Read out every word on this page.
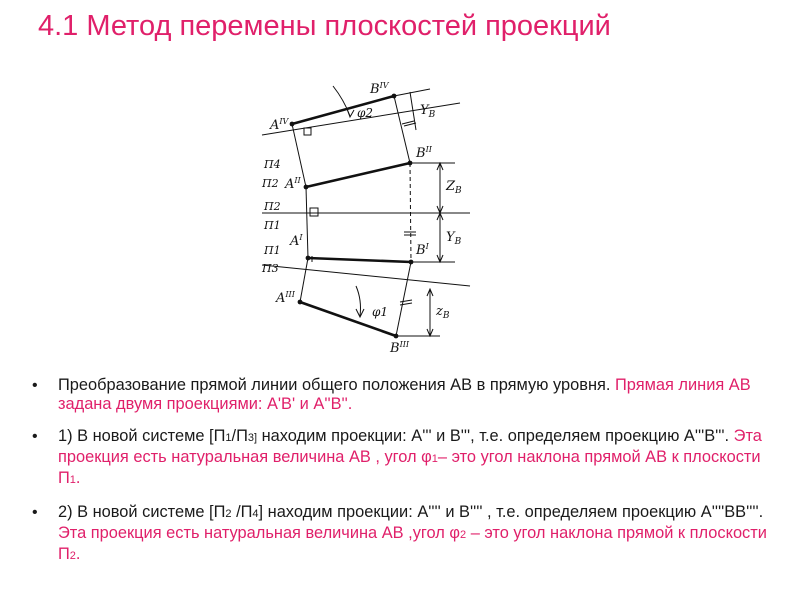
4.1 Метод перемены плоскостей проекций
$A^{IV}$
$B^{IV}$
φ2	$Y_B$
Π4
Π2 $A^{II}$
$B^{II}$
$Z_B$
Π2
Π1
$A^I$
$B^I$
$Y_B$
Π1
Π3
$A^{III}$
φ1	$z_B$
$B^{III}$
• Преобразование прямой линии общего положения AB в прямую уровня. Прямая линия AB задана двумя проекциями: A'B' и A''B''.
• 1) В новой системе [П1/П3] находим проекции: A''' и B''', т.е. определяем проекцию A'''B'''. Эта проекция есть натуральная величина AB , угол φ1– это угол наклона прямой AB к плоскости П1.
• 2) В новой системе [П2 /П4] находим проекции: A'''' и B'''' , т.е. определяем проекцию A''''BB''''. Эта проекция есть натуральная величина AB ,угол φ2 – это угол наклона прямой к плоскости П2.
